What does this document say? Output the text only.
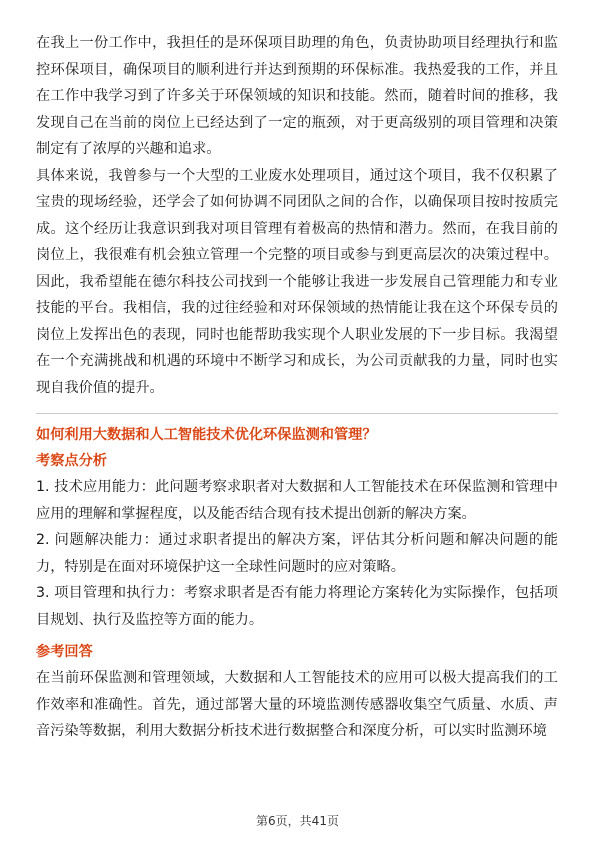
在我上一份工作中，我担任的是环保项目助理的角色，负责协助项目经理执行和监控环保项目，确保项目的顺利进行并达到预期的环保标准。我热爱我的工作，并且在工作中我学习到了许多关于环保领域的知识和技能。然而，随着时间的推移，我发现自己在当前的岗位上已经达到了一定的瓶颈，对于更高级别的项目管理和决策制定有了浓厚的兴趣和追求。

具体来说，我曾参与一个大型的工业废水处理项目，通过这个项目，我不仅积累了宝贵的现场经验，还学会了如何协调不同团队之间的合作，以确保项目按时按质完成。这个经历让我意识到我对项目管理有着极高的热情和潜力。然而，在我目前的岗位上，我很难有机会独立管理一个完整的项目或参与到更高层次的决策过程中。因此，我希望能在德尔科技公司找到一个能够让我进一步发展自己管理能力和专业技能的平台。我相信，我的过往经验和对环保领域的热情能让我在这个环保专员的岗位上发挥出色的表现，同时也能帮助我实现个人职业发展的下一步目标。我渴望在一个充满挑战和机遇的环境中不断学习和成长，为公司贡献我的力量，同时也实现自我价值的提升。

如何利用大数据和人工智能技术优化环保监测和管理？

考察点分析

1. 技术应用能力：此问题考察求职者对大数据和人工智能技术在环保监测和管理中应用的理解和掌握程度，以及能否结合现有技术提出创新的解决方案。

2. 问题解决能力：通过求职者提出的解决方案，评估其分析问题和解决问题的能力，特别是在面对环境保护这一全球性问题时的应对策略。

3. 项目管理和执行力：考察求职者是否有能力将理论方案转化为实际操作，包括项目规划、执行及监控等方面的能力。

参考回答

在当前环保监测和管理领域，大数据和人工智能技术的应用可以极大提高我们的工作效率和准确性。首先，通过部署大量的环境监测传感器收集空气质量、水质、声音污染等数据，利用大数据分析技术进行数据整合和深度分析，可以实时监测环境

第6页，共41页
